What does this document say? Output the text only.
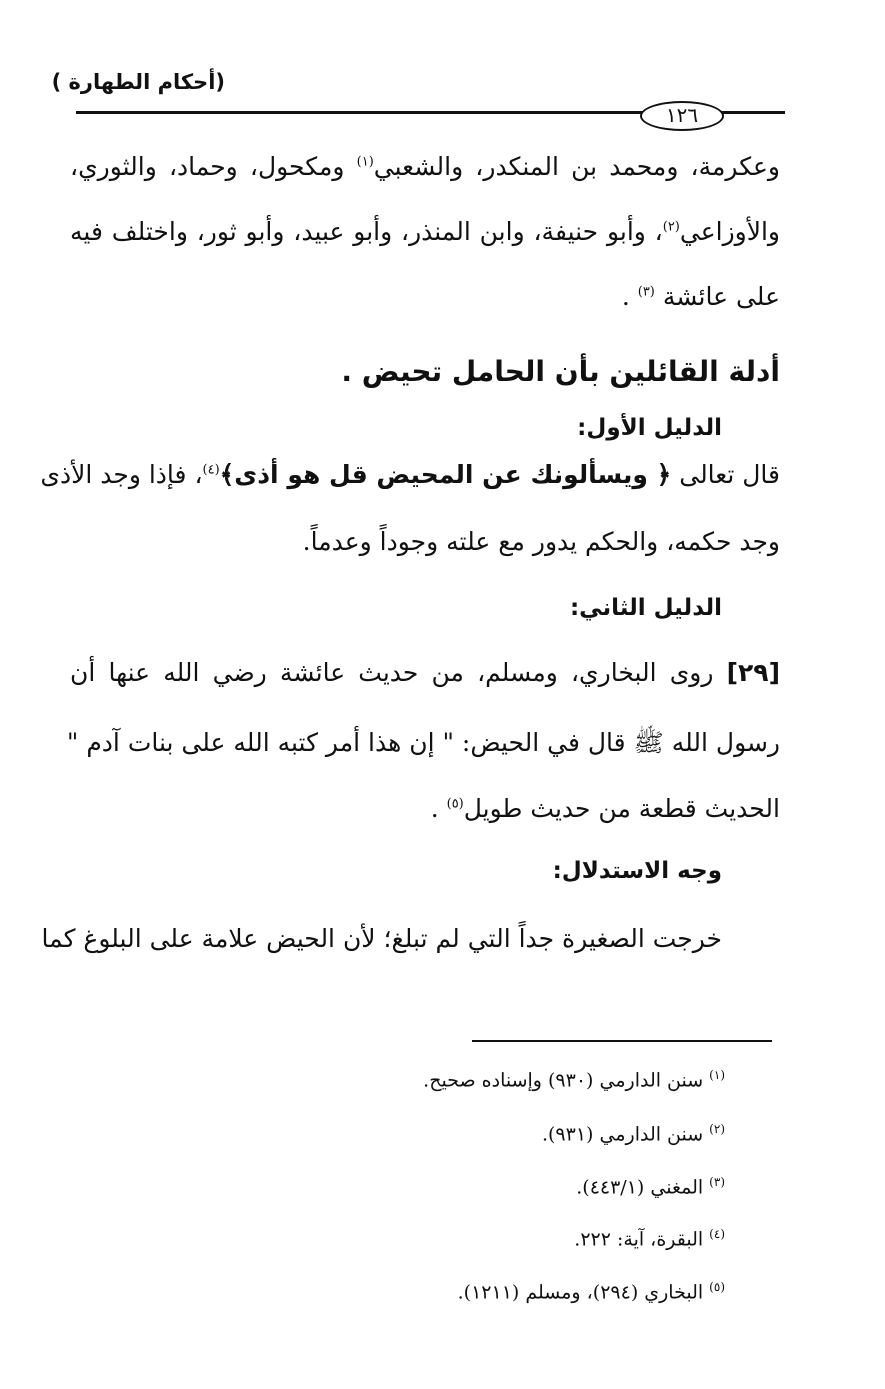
(أحكام الطهارة )
١٢٦
وعكرمة، ومحمد بن المنكدر، والشعبي$^{(١)}$ ومكحول، وحماد، والثوري،
والأوزاعي$^{(٢)}$، وأبو حنيفة، وابن المنذر، وأبو عبيد، وأبو ثور، واختلف فيه
على عائشة $^{(٣)}$ .
أدلة القائلين بأن الحامل تحيض .
الدليل الأول:
قال تعالى ﴿ ويسألونك عن المحيض قل هو أذى﴾$^{(٤)}$، فإذا وجد الأذى
وجد حكمه، والحكم يدور مع علته وجوداً وعدماً.
الدليل الثاني:
[٢٩] روى البخاري، ومسلم، من حديث عائشة رضي الله عنها أن
رسول الله ﷺ قال في الحيض: " إن هذا أمر كتبه الله على بنات آدم "
الحديث قطعة من حديث طويل$^{(٥)}$ .
وجه الاستدلال:
خرجت الصغيرة جداً التي لم تبلغ؛ لأن الحيض علامة على البلوغ كما
$^{(١)}$سنن الدارمي (٩٣٠) وإسناده صحيح.
$^{(٢)}$سنن الدارمي (٩٣١).
$^{(٣)}$المغني (٤٤٣/١).
$^{(٤)}$البقرة، آية: ٢٢٢.
$^{(٥)}$البخاري (٢٩٤)، ومسلم (١٢١١).
